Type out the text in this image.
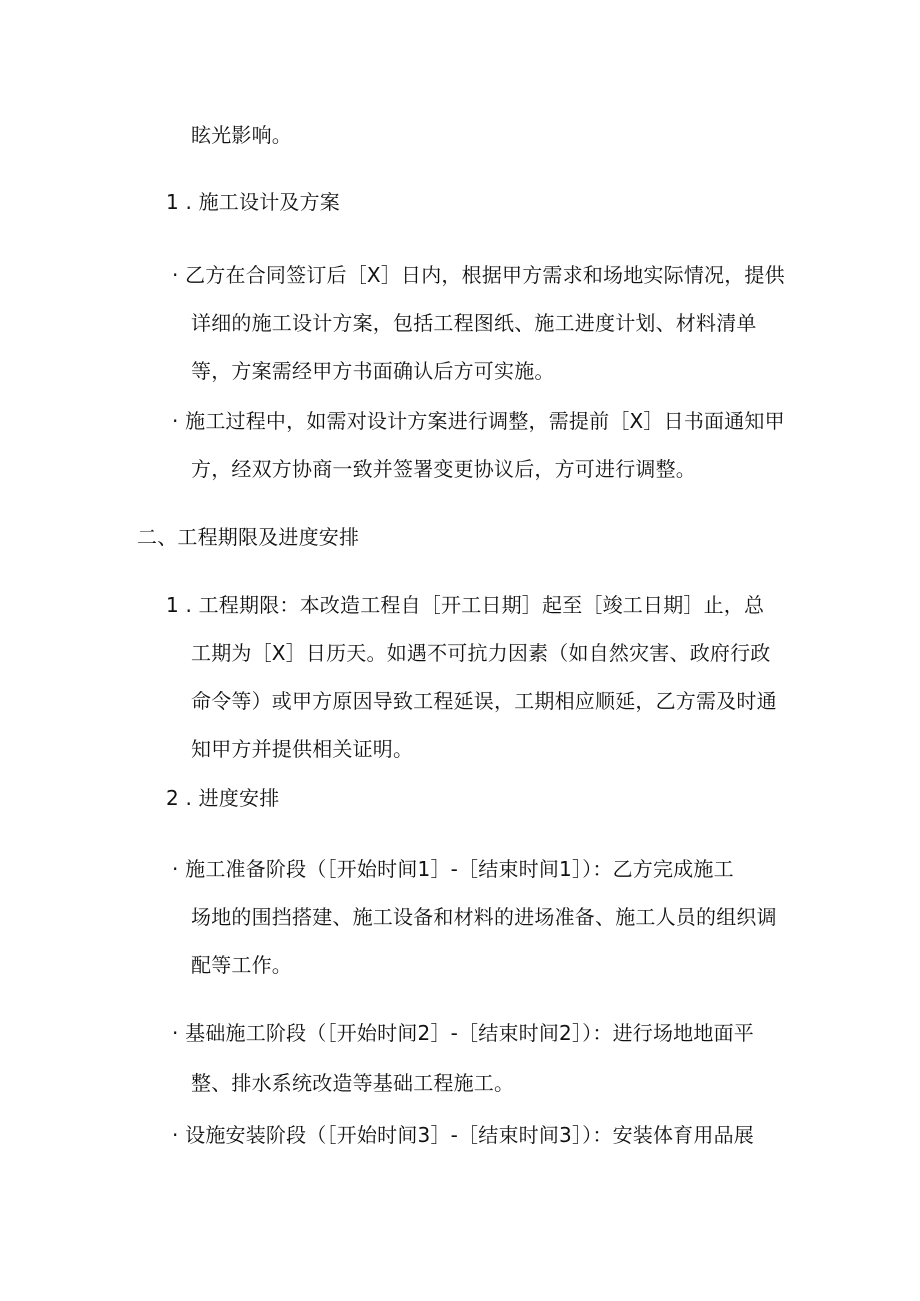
眩光影响。
1 . 施工设计及方案
· 乙方在合同签订后［X］日内，根据甲方需求和场地实际情况，提供
详细的施工设计方案，包括工程图纸、施工进度计划、材料清单
等，方案需经甲方书面确认后方可实施。
· 施工过程中，如需对设计方案进行调整，需提前［X］日书面通知甲
方，经双方协商一致并签署变更协议后，方可进行调整。
二、工程期限及进度安排
1 . 工程期限：本改造工程自［开工日期］起至［竣工日期］止，总
工期为［X］日历天。如遇不可抗力因素（如自然灾害、政府行政
命令等）或甲方原因导致工程延误，工期相应顺延，乙方需及时通
知甲方并提供相关证明。
2 . 进度安排
· 施工准备阶段（［开始时间1］-［结束时间1］）：乙方完成施工
场地的围挡搭建、施工设备和材料的进场准备、施工人员的组织调
配等工作。
· 基础施工阶段（［开始时间2］-［结束时间2］）：进行场地地面平
整、排水系统改造等基础工程施工。
· 设施安装阶段（［开始时间3］-［结束时间3］）：安装体育用品展
